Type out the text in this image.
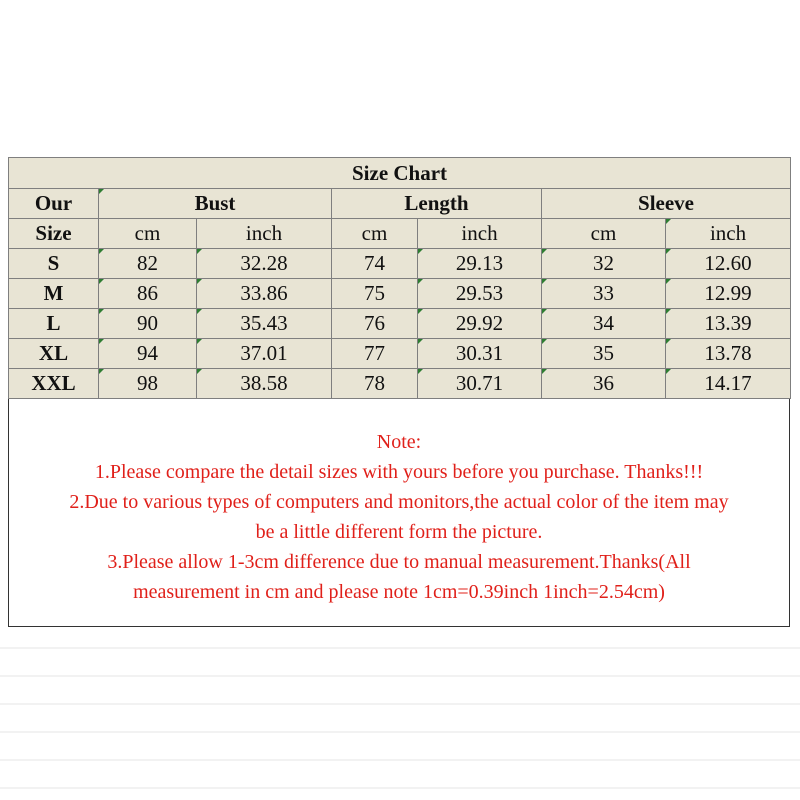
Size Chart						
Our	Bust		Length		Sleeve	
Size	cm	inch	cm	inch	cm	inch
S	82	32.28	74	29.13	32	12.60
M	86	33.86	75	29.53	33	12.99
L	90	35.43	76	29.92	34	13.39
XL	94	37.01	77	30.31	35	13.78
XXL	98	38.58	78	30.71	36	14.17
Note:
1.Please compare the detail sizes with yours before you purchase. Thanks!!!
2.Due to various types of computers and monitors,the actual color of the item may
be a little different form the picture.
3.Please allow 1-3cm difference due to manual measurement.Thanks(All
measurement in cm and please note 1cm=0.39inch 1inch=2.54cm)
